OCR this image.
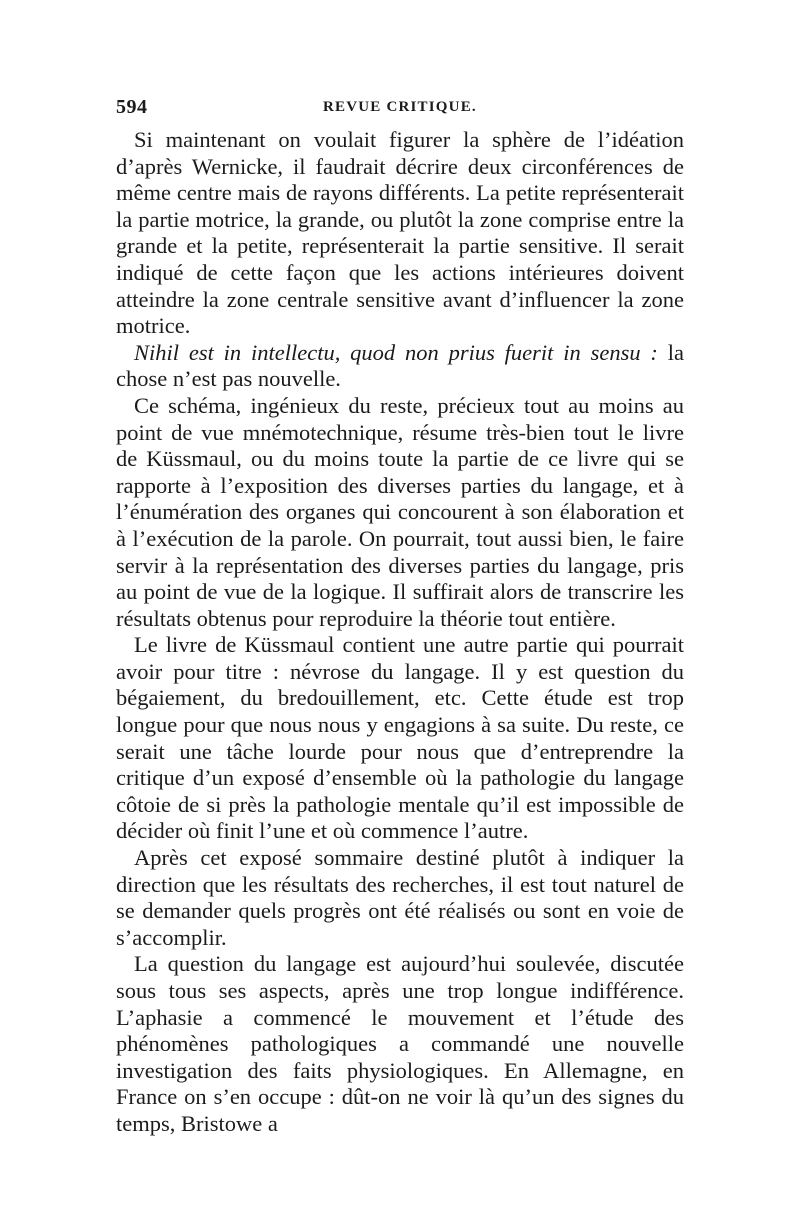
594	REVUE CRITIQUE.

Si maintenant on voulait figurer la sphère de l’idéation d’après Wernicke, il faudrait décrire deux circonférences de même centre mais de rayons différents. La petite représenterait la partie motrice, la grande, ou plutôt la zone comprise entre la grande et la petite, représenterait la partie sensitive. Il serait indiqué de cette façon que les actions intérieures doivent atteindre la zone centrale sensitive avant d’influencer la zone motrice.

Nihil est in intellectu, quod non prius fuerit in sensu : la chose n’est pas nouvelle.

Ce schéma, ingénieux du reste, précieux tout au moins au point de vue mnémotechnique, résume très-bien tout le livre de Küssmaul, ou du moins toute la partie de ce livre qui se rapporte à l’exposition des diverses parties du langage, et à l’énumération des organes qui concourent à son élaboration et à l’exécution de la parole. On pourrait, tout aussi bien, le faire servir à la représentation des diverses parties du langage, pris au point de vue de la logique. Il suffirait alors de transcrire les résultats obtenus pour reproduire la théorie tout entière.

Le livre de Küssmaul contient une autre partie qui pourrait avoir pour titre : névrose du langage. Il y est question du bégaiement, du bredouillement, etc. Cette étude est trop longue pour que nous nous y engagions à sa suite. Du reste, ce serait une tâche lourde pour nous que d’entreprendre la critique d’un exposé d’ensemble où la pathologie du langage côtoie de si près la pathologie mentale qu’il est impossible de décider où finit l’une et où commence l’autre.

Après cet exposé sommaire destiné plutôt à indiquer la direction que les résultats des recherches, il est tout naturel de se demander quels progrès ont été réalisés ou sont en voie de s’accomplir.

La question du langage est aujourd’hui soulevée, discutée sous tous ses aspects, après une trop longue indifférence. L’aphasie a commencé le mouvement et l’étude des phénomènes pathologiques a commandé une nouvelle investigation des faits physiologiques. En Allemagne, en France on s’en occupe : dût-on ne voir là qu’un des signes du temps, Bristowe a
